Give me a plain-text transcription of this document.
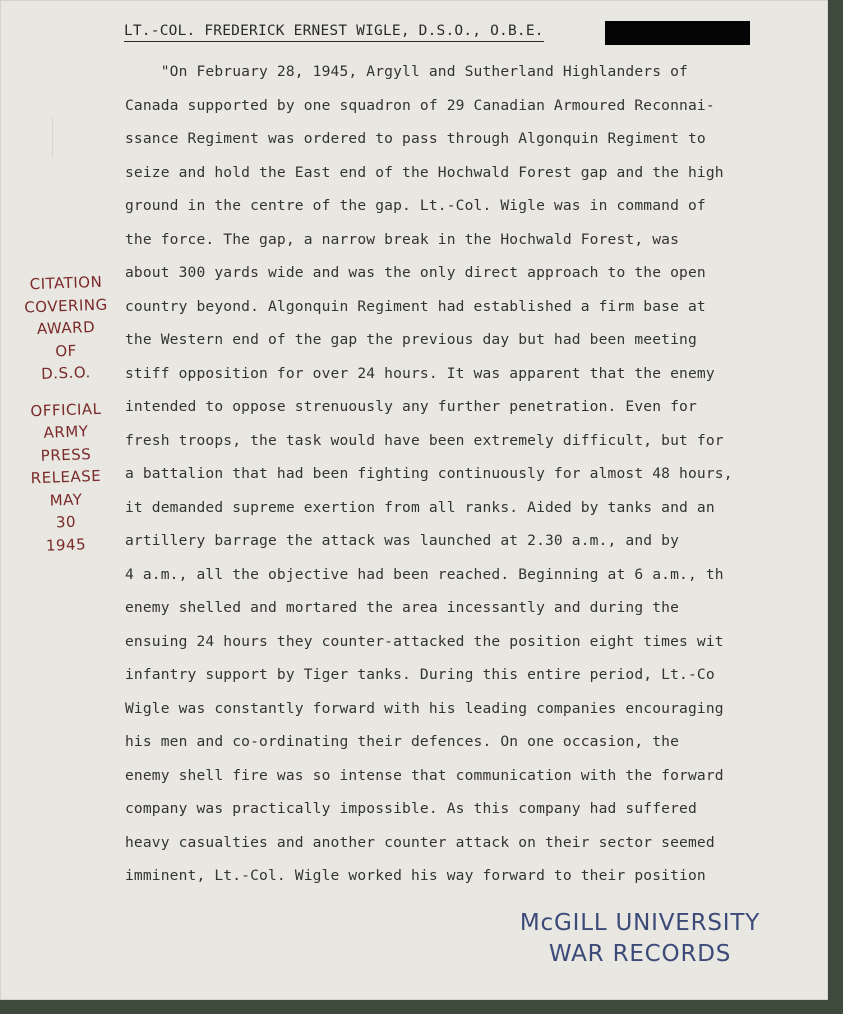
LT.-COL. FREDERICK ERNEST WIGLE, D.S.O., O.B.E.
"On February 28, 1945, Argyll and Sutherland Highlanders of
Canada supported by one squadron of 29 Canadian Armoured Reconnai-
ssance Regiment was ordered to pass through Algonquin Regiment to
seize and hold the East end of the Hochwald Forest gap and the high
ground in the centre of the gap. Lt.-Col. Wigle was in command of
the force. The gap, a narrow break in the Hochwald Forest, was
about 300 yards wide and was the only direct approach to the open
country beyond. Algonquin Regiment had established a firm base at
the Western end of the gap the previous day but had been meeting
stiff opposition for over 24 hours. It was apparent that the enemy
intended to oppose strenuously any further penetration. Even for
fresh troops, the task would have been extremely difficult, but for
a battalion that had been fighting continuously for almost 48 hours,
it demanded supreme exertion from all ranks. Aided by tanks and an
artillery barrage the attack was launched at 2.30 a.m., and by
4 a.m., all the objective had been reached. Beginning at 6 a.m., th
enemy shelled and mortared the area incessantly and during the
ensuing 24 hours they counter-attacked the position eight times wit
infantry support by Tiger tanks. During this entire period, Lt.-Co
Wigle was constantly forward with his leading companies encouraging
his men and co-ordinating their defences. On one occasion, the
enemy shell fire was so intense that communication with the forward
company was practically impossible. As this company had suffered
heavy casualties and another counter attack on their sector seemed
imminent, Lt.-Col. Wigle worked his way forward to their position
CITATION
COVERING
AWARD
OF
D.S.O.
OFFICIAL
ARMY
PRESS
RELEASE
MAY
30
1945
McGILL UNIVERSITY
WAR RECORDS
